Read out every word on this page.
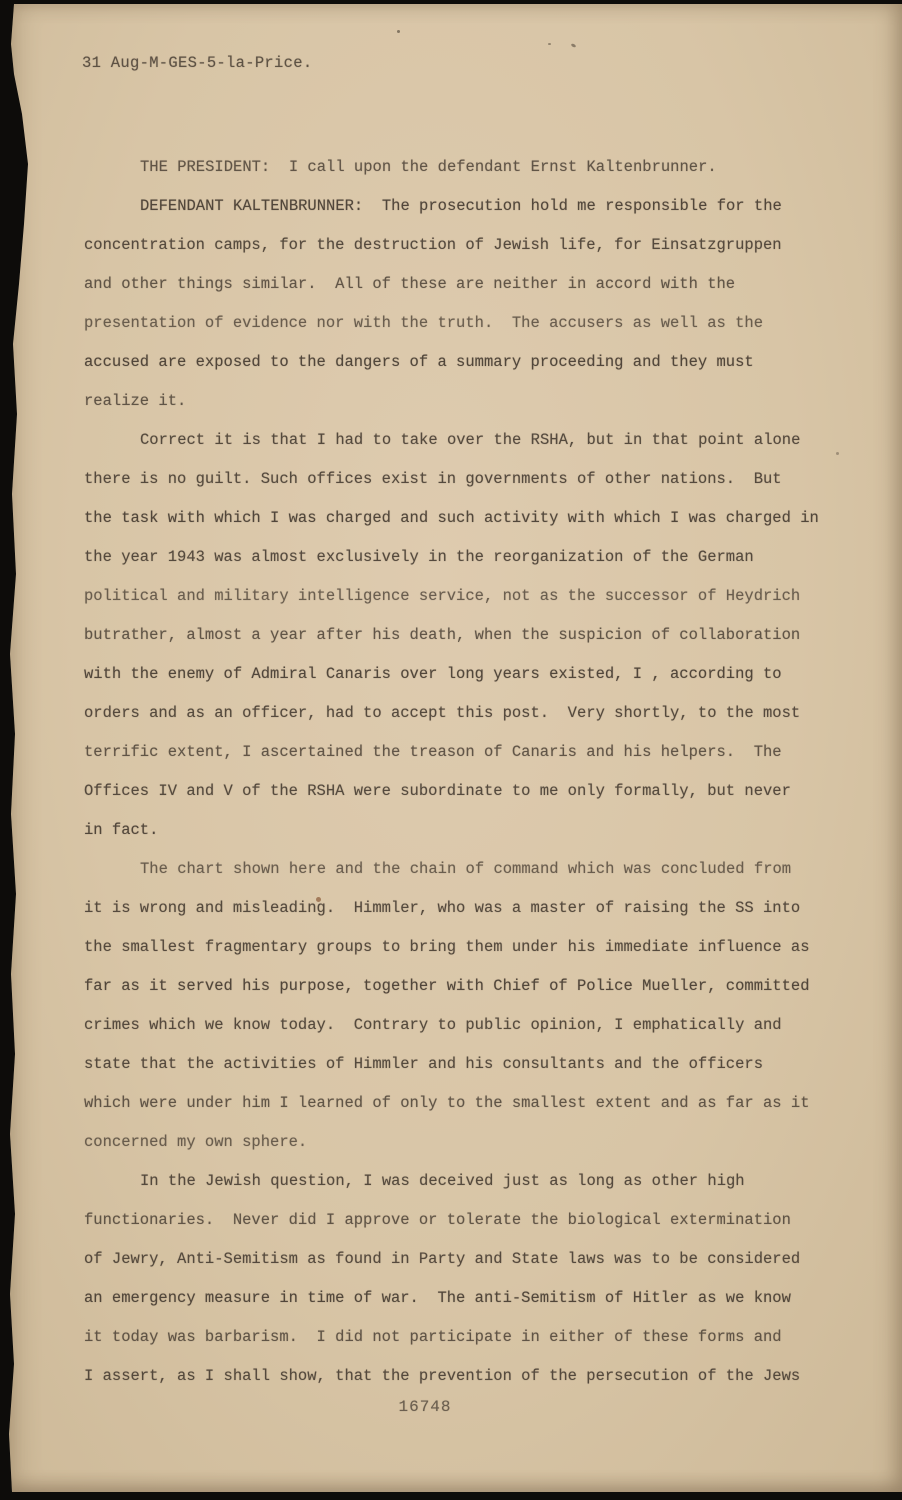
31 Aug-M-GES-5-la-Price.
THE PRESIDENT:  I call upon the defendant Ernst Kaltenbrunner.
DEFENDANT KALTENBRUNNER:  The prosecution hold me responsible for the
concentration camps, for the destruction of Jewish life, for Einsatzgruppen
and other things similar.  All of these are neither in accord with the
presentation of evidence nor with the truth.  The accusers as well as the
accused are exposed to the dangers of a summary proceeding and they must
realize it.
Correct it is that I had to take over the RSHA, but in that point alone
there is no guilt. Such offices exist in governments of other nations.  But
the task with which I was charged and such activity with which I was charged in
the year 1943 was almost exclusively in the reorganization of the German
political and military intelligence service, not as the successor of Heydrich
butrather, almost a year after his death, when the suspicion of collaboration
with the enemy of Admiral Canaris over long years existed, I , according to
orders and as an officer, had to accept this post.  Very shortly, to the most
terrific extent, I ascertained the treason of Canaris and his helpers.  The
Offices IV and V of the RSHA were subordinate to me only formally, but never
in fact.
The chart shown here and the chain of command which was concluded from
it is wrong and misleading.  Himmler, who was a master of raising the SS into
the smallest fragmentary groups to bring them under his immediate influence as
far as it served his purpose, together with Chief of Police Mueller, committed
crimes which we know today.  Contrary to public opinion, I emphatically and
state that the activities of Himmler and his consultants and the officers
which were under him I learned of only to the smallest extent and as far as it
concerned my own sphere.
In the Jewish question, I was deceived just as long as other high
functionaries.  Never did I approve or tolerate the biological extermination
of Jewry, Anti-Semitism as found in Party and State laws was to be considered
an emergency measure in time of war.  The anti-Semitism of Hitler as we know
it today was barbarism.  I did not participate in either of these forms and
I assert, as I shall show, that the prevention of the persecution of the Jews
16748
